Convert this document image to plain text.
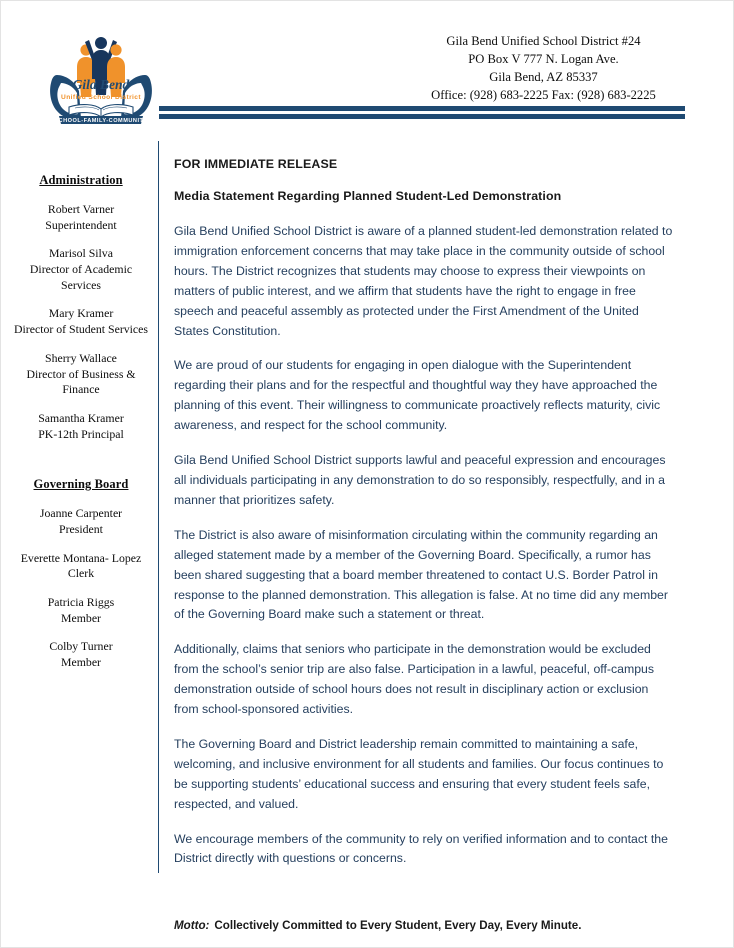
Gila Bend
Unified School District
SCHOOL-FAMILY-COMMUNITY
Gila Bend Unified School District #24
PO Box V 777 N. Logan Ave.
Gila Bend, AZ 85337
Office: (928) 683-2225 Fax: (928) 683-2225
Administration
Robert Varner
Superintendent
Marisol Silva
Director of Academic Services
Mary Kramer
Director of Student Services
Sherry Wallace
Director of Business & Finance
Samantha Kramer
PK-12th Principal
Governing Board
Joanne Carpenter
President
Everette Montana- Lopez
Clerk
Patricia Riggs
Member
Colby Turner
Member
FOR IMMEDIATE RELEASE
Media Statement Regarding Planned Student-Led Demonstration

Gila Bend Unified School District is aware of a planned student-led demonstration related to immigration enforcement concerns that may take place in the community outside of school hours. The District recognizes that students may choose to express their viewpoints on matters of public interest, and we affirm that students have the right to engage in free speech and peaceful assembly as protected under the First Amendment of the United States Constitution.

We are proud of our students for engaging in open dialogue with the Superintendent regarding their plans and for the respectful and thoughtful way they have approached the planning of this event. Their willingness to communicate proactively reflects maturity, civic awareness, and respect for the school community.

Gila Bend Unified School District supports lawful and peaceful expression and encourages all individuals participating in any demonstration to do so responsibly, respectfully, and in a manner that prioritizes safety.

The District is also aware of misinformation circulating within the community regarding an alleged statement made by a member of the Governing Board. Specifically, a rumor has been shared suggesting that a board member threatened to contact U.S. Border Patrol in response to the planned demonstration. This allegation is false. At no time did any member of the Governing Board make such a statement or threat.

Additionally, claims that seniors who participate in the demonstration would be excluded from the school’s senior trip are also false. Participation in a lawful, peaceful, off-campus demonstration outside of school hours does not result in disciplinary action or exclusion from school-sponsored activities.

The Governing Board and District leadership remain committed to maintaining a safe, welcoming, and inclusive environment for all students and families. Our focus continues to be supporting students’ educational success and ensuring that every student feels safe, respected, and valued.

We encourage members of the community to rely on verified information and to contact the District directly with questions or concerns.

Motto: Collectively Committed to Every Student, Every Day, Every Minute.
